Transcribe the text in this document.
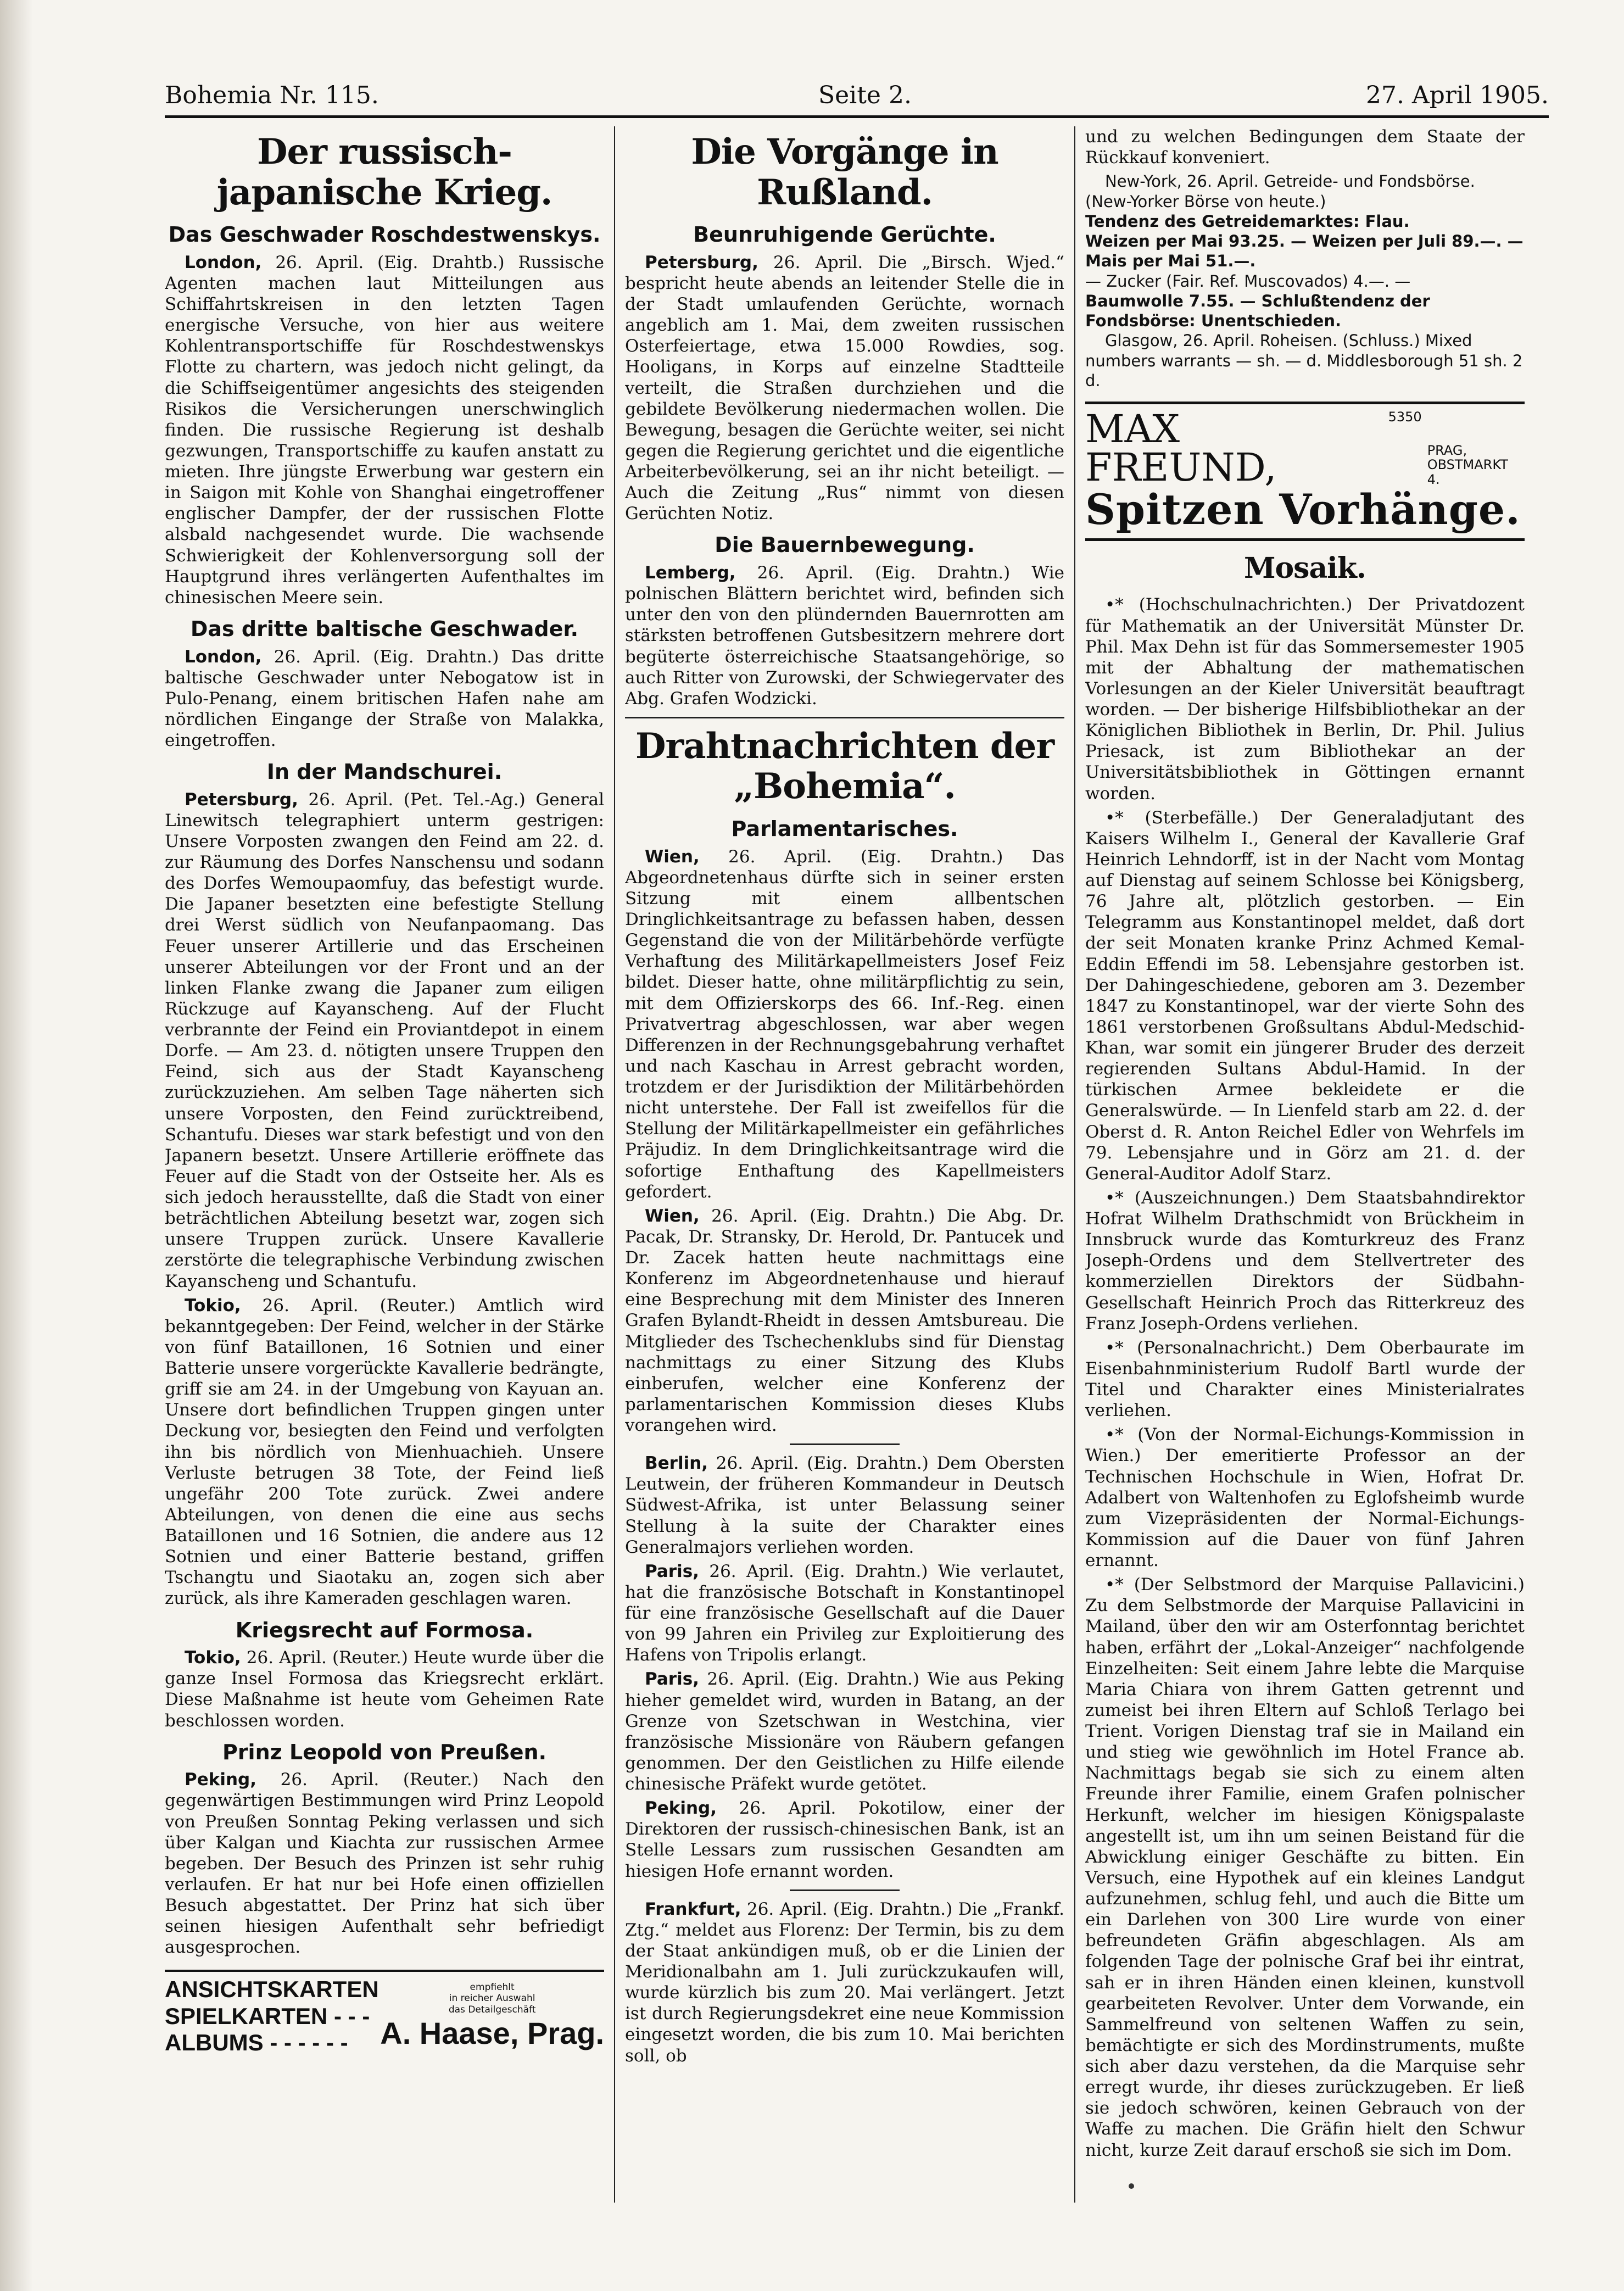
Bohemia Nr. 115.	Seite 2.	27. April 1905.
Der russisch-japanische Krieg.
Das Geschwader Roschdestwenskys.

London, 26. April. (Eig. Drahtb.) Russische Agenten machen laut Mitteilungen aus Schiffahrtskreisen in den letzten Tagen energische Versuche, von hier aus weitere Kohlentransportschiffe für Roschdestwenskys Flotte zu chartern, was jedoch nicht gelingt, da die Schiffseigentümer angesichts des steigenden Risikos die Versicherungen unerschwinglich finden. Die russische Regierung ist deshalb gezwungen, Transportschiffe zu kaufen anstatt zu mieten. Ihre jüngste Erwerbung war gestern ein in Saigon mit Kohle von Shanghai eingetroffener englischer Dampfer, der der russischen Flotte alsbald nachgesendet wurde. Die wachsende Schwierigkeit der Kohlenversorgung soll der Hauptgrund ihres verlängerten Aufenthaltes im chinesischen Meere sein.

Das dritte baltische Geschwader.

London, 26. April. (Eig. Drahtn.) Das dritte baltische Geschwader unter Nebogatow ist in Pulo-Penang, einem britischen Hafen nahe am nördlichen Eingange der Straße von Malakka, eingetroffen.

In der Mandschurei.

Petersburg, 26. April. (Pet. Tel.-Ag.) General Linewitsch telegraphiert unterm gestrigen: Unsere Vorposten zwangen den Feind am 22. d. zur Räumung des Dorfes Nanschensu und sodann des Dorfes Wemoupaomfuy, das befestigt wurde. Die Japaner besetzten eine befestigte Stellung drei Werst südlich von Neufanpaomang. Das Feuer unserer Artillerie und das Erscheinen unserer Abteilungen vor der Front und an der linken Flanke zwang die Japaner zum eiligen Rückzuge auf Kayanscheng. Auf der Flucht verbrannte der Feind ein Proviantdepot in einem Dorfe. — Am 23. d. nötigten unsere Truppen den Feind, sich aus der Stadt Kayanscheng zurückzuziehen. Am selben Tage näherten sich unsere Vorposten, den Feind zurücktreibend, Schantufu. Dieses war stark befestigt und von den Japanern besetzt. Unsere Artillerie eröffnete das Feuer auf die Stadt von der Ostseite her. Als es sich jedoch herausstellte, daß die Stadt von einer beträchtlichen Abteilung besetzt war, zogen sich unsere Truppen zurück. Unsere Kavallerie zerstörte die telegraphische Verbindung zwischen Kayanscheng und Schantufu.

Tokio, 26. April. (Reuter.) Amtlich wird bekanntgegeben: Der Feind, welcher in der Stärke von fünf Bataillonen, 16 Sotnien und einer Batterie unsere vorgerückte Kavallerie bedrängte, griff sie am 24. in der Umgebung von Kayuan an. Unsere dort befindlichen Truppen gingen unter Deckung vor, besiegten den Feind und verfolgten ihn bis nördlich von Mienhuachieh. Unsere Verluste betrugen 38 Tote, der Feind ließ ungefähr 200 Tote zurück. Zwei andere Abteilungen, von denen die eine aus sechs Bataillonen und 16 Sotnien, die andere aus 12 Sotnien und einer Batterie bestand, griffen Tschangtu und Siaotaku an, zogen sich aber zurück, als ihre Kameraden geschlagen waren.

Kriegsrecht auf Formosa.

Tokio, 26. April. (Reuter.) Heute wurde über die ganze Insel Formosa das Kriegsrecht erklärt. Diese Maßnahme ist heute vom Geheimen Rate beschlossen worden.

Prinz Leopold von Preußen.

Peking, 26. April. (Reuter.) Nach den gegenwärtigen Bestimmungen wird Prinz Leopold von Preußen Sonntag Peking verlassen und sich über Kalgan und Kiachta zur russischen Armee begeben. Der Besuch des Prinzen ist sehr ruhig verlaufen. Er hat nur bei Hofe einen offiziellen Besuch abgestattet. Der Prinz hat sich über seinen hiesigen Aufenthalt sehr befriedigt ausgesprochen.

ANSICHTSKARTEN
SPIELKARTEN - - -
ALBUMS - - - - - -
empfiehlt
in reicher Auswahl
das Detailgeschäft
A. Haase, Prag.
Die Vorgänge in Rußland.
Beunruhigende Gerüchte.

Petersburg, 26. April. Die „Birsch. Wjed.“ bespricht heute abends an leitender Stelle die in der Stadt umlaufenden Gerüchte, wornach angeblich am 1. Mai, dem zweiten russischen Osterfeiertage, etwa 15.000 Rowdies, sog. Hooligans, in Korps auf einzelne Stadtteile verteilt, die Straßen durchziehen und die gebildete Bevölkerung niedermachen wollen. Die Bewegung, besagen die Gerüchte weiter, sei nicht gegen die Regierung gerichtet und die eigentliche Arbeiterbevölkerung, sei an ihr nicht beteiligt. — Auch die Zeitung „Rus“ nimmt von diesen Gerüchten Notiz.

Die Bauernbewegung.

Lemberg, 26. April. (Eig. Drahtn.) Wie polnischen Blättern berichtet wird, befinden sich unter den von den plündernden Bauernrotten am stärksten betroffenen Gutsbesitzern mehrere dort begüterte österreichische Staatsangehörige, so auch Ritter von Zurowski, der Schwiegervater des Abg. Grafen Wodzicki.

Drahtnachrichten der „Bohemia“.
Parlamentarisches.

Wien, 26. April. (Eig. Drahtn.) Das Abgeordnetenhaus dürfte sich in seiner ersten Sitzung mit einem allbentschen Dringlichkeitsantrage zu befassen haben, dessen Gegenstand die von der Militärbehörde verfügte Verhaftung des Militärkapellmeisters Josef Feiz bildet. Dieser hatte, ohne militärpflichtig zu sein, mit dem Offizierskorps des 66. Inf.-Reg. einen Privatvertrag abgeschlossen, war aber wegen Differenzen in der Rechnungsgebahrung verhaftet und nach Kaschau in Arrest gebracht worden, trotzdem er der Jurisdiktion der Militärbehörden nicht unterstehe. Der Fall ist zweifellos für die Stellung der Militärkapellmeister ein gefährliches Präjudiz. In dem Dringlichkeitsantrage wird die sofortige Enthaftung des Kapellmeisters gefordert.

Wien, 26. April. (Eig. Drahtn.) Die Abg. Dr. Pacak, Dr. Stransky, Dr. Herold, Dr. Pantucek und Dr. Zacek hatten heute nachmittags eine Konferenz im Abgeordnetenhause und hierauf eine Besprechung mit dem Minister des Inneren Grafen Bylandt-Rheidt in dessen Amtsbureau. Die Mitglieder des Tschechenklubs sind für Dienstag nachmittags zu einer Sitzung des Klubs einberufen, welcher eine Konferenz der parlamentarischen Kommission dieses Klubs vorangehen wird.

Berlin, 26. April. (Eig. Drahtn.) Dem Obersten Leutwein, der früheren Kommandeur in Deutsch Südwest-Afrika, ist unter Belassung seiner Stellung à la suite der Charakter eines Generalmajors verliehen worden.

Paris, 26. April. (Eig. Drahtn.) Wie verlautet, hat die französische Botschaft in Konstantinopel für eine französische Gesellschaft auf die Dauer von 99 Jahren ein Privileg zur Exploitierung des Hafens von Tripolis erlangt.

Paris, 26. April. (Eig. Drahtn.) Wie aus Peking hieher gemeldet wird, wurden in Batang, an der Grenze von Szetschwan in Westchina, vier französische Missionäre von Räubern gefangen genommen. Der den Geistlichen zu Hilfe eilende chinesische Präfekt wurde getötet.

Peking, 26. April. Pokotilow, einer der Direktoren der russisch-chinesischen Bank, ist an Stelle Lessars zum russischen Gesandten am hiesigen Hofe ernannt worden.

Frankfurt, 26. April. (Eig. Drahtn.) Die „Frankf. Ztg.“ meldet aus Florenz: Der Termin, bis zu dem der Staat ankündigen muß, ob er die Linien der Meridionalbahn am 1. Juli zurückzukaufen will, wurde kürzlich bis zum 20. Mai verlängert. Jetzt ist durch Regierungsdekret eine neue Kommission eingesetzt worden, die bis zum 10. Mai berichten soll, ob

und zu welchen Bedingungen dem Staate der Rückkauf konveniert.

New-York, 26. April. Getreide- und Fondsbörse. (New-Yorker Börse von heute.)
Tendenz des Getreidemarktes: Flau.
Weizen per Mai 93.25. — Weizen per Juli 89.—. — Mais per Mai 51.—.
— Zucker (Fair. Ref. Muscovados) 4.—. —
Baumwolle 7.55. — Schlußtendenz der Fondsbörse: Unentschieden.
Glasgow, 26. April. Roheisen. (Schluss.) Mixed numbers warrants — sh. — d. Middlesborough 51 sh. 2 d.
MAX FREUND,
5350
PRAG,
OBSTMARKT 4.
Spitzen Vorhänge.
Mosaik.

•* (Hochschulnachrichten.) Der Privatdozent für Mathematik an der Universität Münster Dr. Phil. Max Dehn ist für das Sommersemester 1905 mit der Abhaltung der mathematischen Vorlesungen an der Kieler Universität beauftragt worden. — Der bisherige Hilfsbibliothekar an der Königlichen Bibliothek in Berlin, Dr. Phil. Julius Priesack, ist zum Bibliothekar an der Universitätsbibliothek in Göttingen ernannt worden.

•* (Sterbefälle.) Der Generaladjutant des Kaisers Wilhelm I., General der Kavallerie Graf Heinrich Lehndorff, ist in der Nacht vom Montag auf Dienstag auf seinem Schlosse bei Königsberg, 76 Jahre alt, plötzlich gestorben. — Ein Telegramm aus Konstantinopel meldet, daß dort der seit Monaten kranke Prinz Achmed Kemal-Eddin Effendi im 58. Lebensjahre gestorben ist. Der Dahingeschiedene, geboren am 3. Dezember 1847 zu Konstantinopel, war der vierte Sohn des 1861 verstorbenen Großsultans Abdul-Medschid-Khan, war somit ein jüngerer Bruder des derzeit regierenden Sultans Abdul-Hamid. In der türkischen Armee bekleidete er die Generalswürde. — In Lienfeld starb am 22. d. der Oberst d. R. Anton Reichel Edler von Wehrfels im 79. Lebensjahre und in Görz am 21. d. der General-Auditor Adolf Starz.

•* (Auszeichnungen.) Dem Staatsbahndirektor Hofrat Wilhelm Drathschmidt von Brückheim in Innsbruck wurde das Komturkreuz des Franz Joseph-Ordens und dem Stellvertreter des kommerziellen Direktors der Südbahn-Gesellschaft Heinrich Proch das Ritterkreuz des Franz Joseph-Ordens verliehen.

•* (Personalnachricht.) Dem Oberbaurate im Eisenbahnministerium Rudolf Bartl wurde der Titel und Charakter eines Ministerialrates verliehen.

•* (Von der Normal-Eichungs-Kommission in Wien.) Der emeritierte Professor an der Technischen Hochschule in Wien, Hofrat Dr. Adalbert von Waltenhofen zu Eglofsheimb wurde zum Vizepräsidenten der Normal-Eichungs-Kommission auf die Dauer von fünf Jahren ernannt.

•* (Der Selbstmord der Marquise Pallavicini.) Zu dem Selbstmorde der Marquise Pallavicini in Mailand, über den wir am Osterfonntag berichtet haben, erfährt der „Lokal-Anzeiger“ nachfolgende Einzelheiten: Seit einem Jahre lebte die Marquise Maria Chiara von ihrem Gatten getrennt und zumeist bei ihren Eltern auf Schloß Terlago bei Trient. Vorigen Dienstag traf sie in Mailand ein und stieg wie gewöhnlich im Hotel France ab. Nachmittags begab sie sich zu einem alten Freunde ihrer Familie, einem Grafen polnischer Herkunft, welcher im hiesigen Königspalaste angestellt ist, um ihn um seinen Beistand für die Abwicklung einiger Geschäfte zu bitten. Ein Versuch, eine Hypothek auf ein kleines Landgut aufzunehmen, schlug fehl, und auch die Bitte um ein Darlehen von 300 Lire wurde von einer befreundeten Gräfin abgeschlagen. Als am folgenden Tage der polnische Graf bei ihr eintrat, sah er in ihren Händen einen kleinen, kunstvoll gearbeiteten Revolver. Unter dem Vorwande, ein Sammelfreund von seltenen Waffen zu sein, bemächtigte er sich des Mordinstruments, mußte sich aber dazu verstehen, da die Marquise sehr erregt wurde, ihr dieses zurückzugeben. Er ließ sie jedoch schwören, keinen Gebrauch von der Waffe zu machen. Die Gräfin hielt den Schwur nicht, kurze Zeit darauf erschoß sie sich im Dom.
